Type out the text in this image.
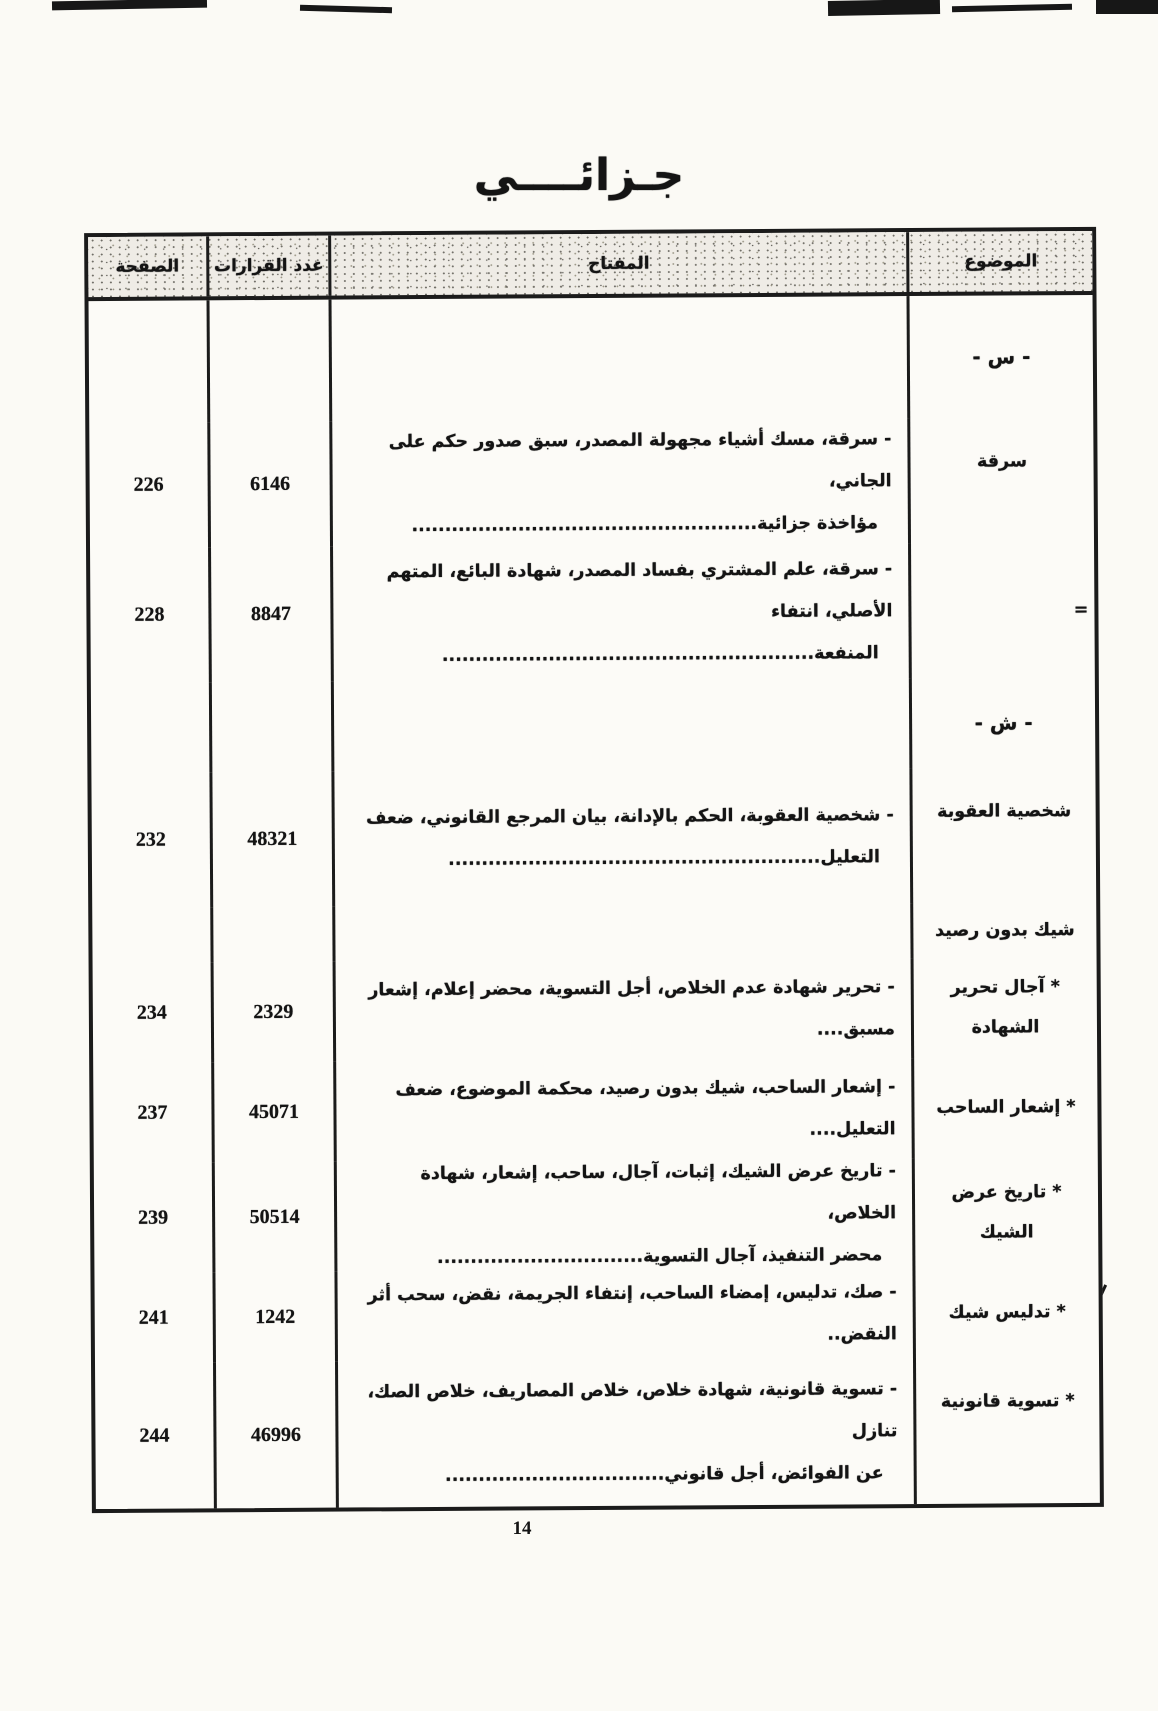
جـزائــــي
الموضوع
المفتاح
عدد القرارات
الصفحة
- س -
سرقة
- سرقة، مسك أشياء مجهولة المصدر، سبق صدور حكم على الجاني،
مؤاخذة جزائية....................................................
6146
226
=
- سرقة، علم المشتري بفساد المصدر، شهادة البائع، المتهم الأصلي، انتفاء
المنفعة........................................................
8847
228
- ش -
شخصية العقوبة
- شخصية العقوبة، الحكم بالإدانة، بيان المرجع القانوني، ضعف
التعليل........................................................
48321
232
شيك بدون رصيد
* آجال تحرير
الشهادة
- تحرير شهادة عدم الخلاص، أجل التسوية، محضر إعلام، إشعار مسبق....
2329
234
* إشعار الساحب
- إشعار الساحب، شيك بدون رصيد، محكمة الموضوع، ضعف التعليل....
45071
237
* تاريخ عرض
الشيك
- تاريخ عرض الشيك، إثبات، آجال، ساحب، إشعار، شهادة الخلاص،
محضر التنفيذ، آجال التسوية...............................
50514
239
* تدليس شيك
- صك، تدليس، إمضاء الساحب، إنتفاء الجريمة، نقض، سحب أثر النقض..
1242
241
* تسوية قانونية
- تسوية قانونية، شهادة خلاص، خلاص المصاريف، خلاص الصك، تنازل
عن الفوائض، أجل قانوني.................................
46996
244
14
